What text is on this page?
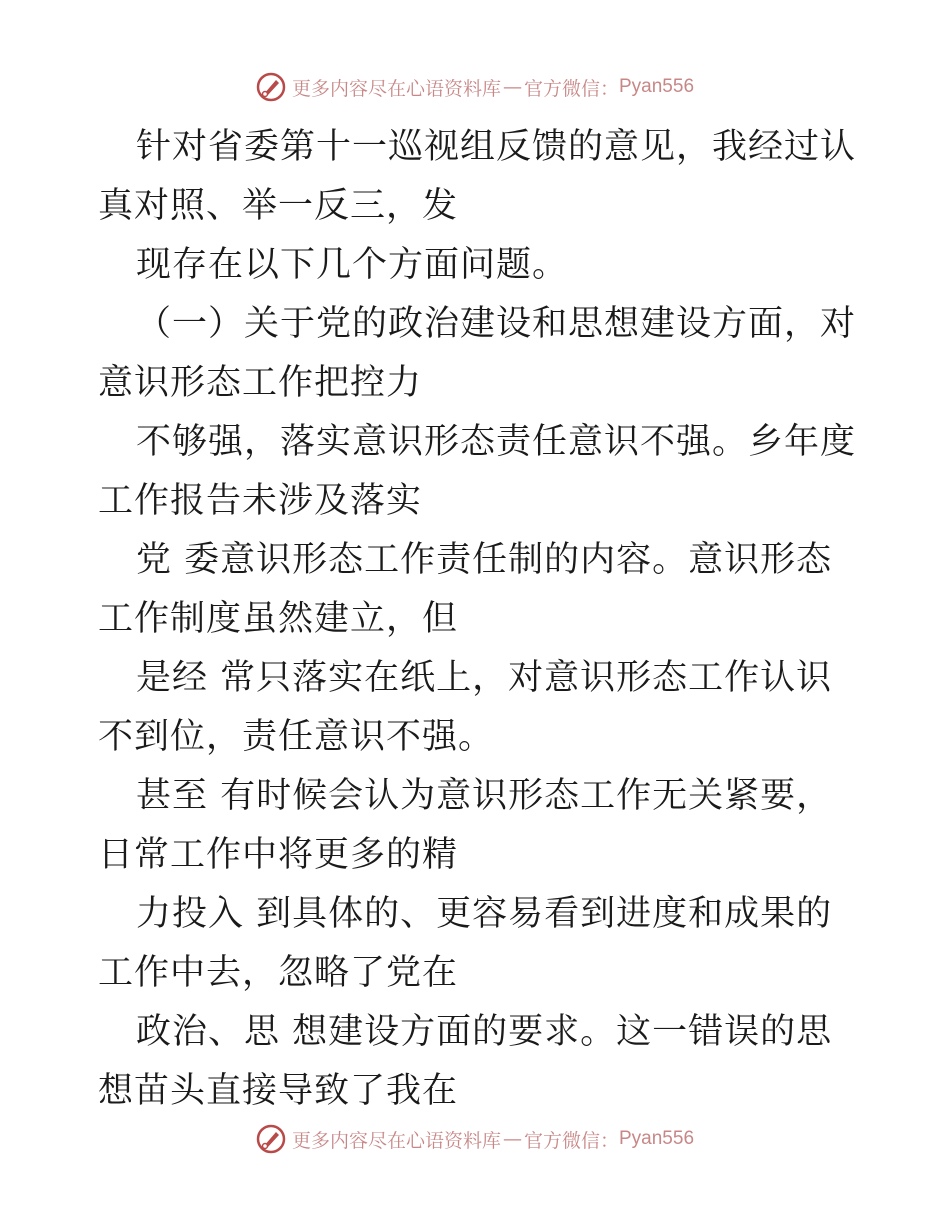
更多内容尽在心语资料库 — 官方微信： Pyan556

针对省委第十一巡视组反馈的意见，我经过认真对照、举一反三，发

现存在以下几个方面问题。

（一）关于党的政治建设和思想建设方面，对意识形态工作把控力

不够强，落实意识形态责任意识不强。乡年度工作报告未涉及落实

党 委意识形态工作责任制的内容。意识形态工作制度虽然建立，但

是经 常只落实在纸上，对意识形态工作认识不到位，责任意识不强。

甚至 有时候会认为意识形态工作无关紧要，日常工作中将更多的精

力投入 到具体的、更容易看到进度和成果的工作中去，忽略了党在

政治、思 想建设方面的要求。这一错误的思想苗头直接导致了我在

更多内容尽在心语资料库 — 官方微信： Pyan556
